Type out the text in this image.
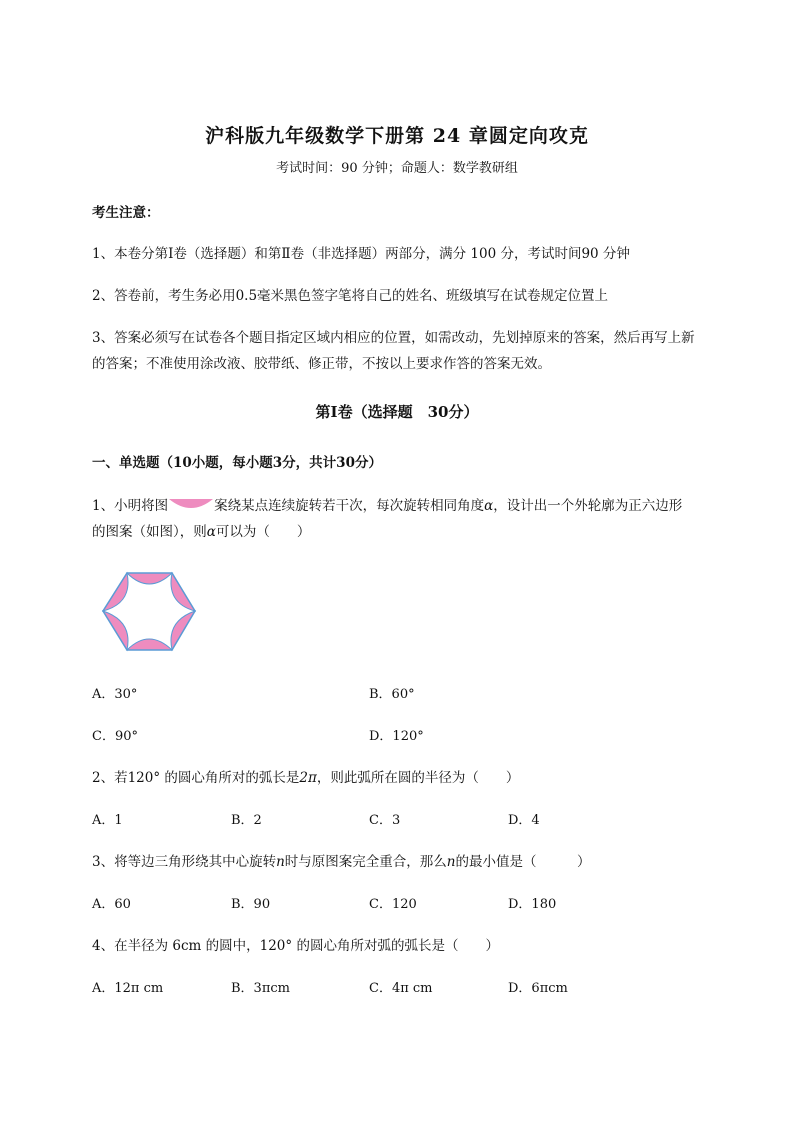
沪科版九年级数学下册第 24 章圆定向攻克
考试时间：90 分钟；命题人：数学教研组
考生注意：
1、本卷分第Ⅰ卷（选择题）和第Ⅱ卷（非选择题）两部分，满分 100 分，考试时间90 分钟
2、答卷前，考生务必用0.5毫米黑色签字笔将自己的姓名、班级填写在试卷规定位置上
3、答案必须写在试卷各个题目指定区域内相应的位置，如需改动，先划掉原来的答案，然后再写上新
的答案；不准使用涂改液、胶带纸、修正带，不按以上要求作答的答案无效。
第Ⅰ卷（选择题　30分）
一、单选题（10小题，每小题3分，共计30分）
1、小明将图	案绕某点连续旋转若干次，每次旋转相同角度α，设计出一个外轮廓为正六边形
的图案（如图），则α可以为（　　）
A．30°	B．60°
C．90°	D．120°
2、若120° 的圆心角所对的弧长是2π，则此弧所在圆的半径为（　　）
A．1	B．2	C．3	D．4
3、将等边三角形绕其中心旋转n时与原图案完全重合，那么n的最小值是（　　　）
A．60	B．90	C．120	D．180
4、在半径为 6cm 的圆中，120° 的圆心角所对弧的弧长是（　　）
A．12π cm	B．3πcm	C．4π cm	D．6πcm
